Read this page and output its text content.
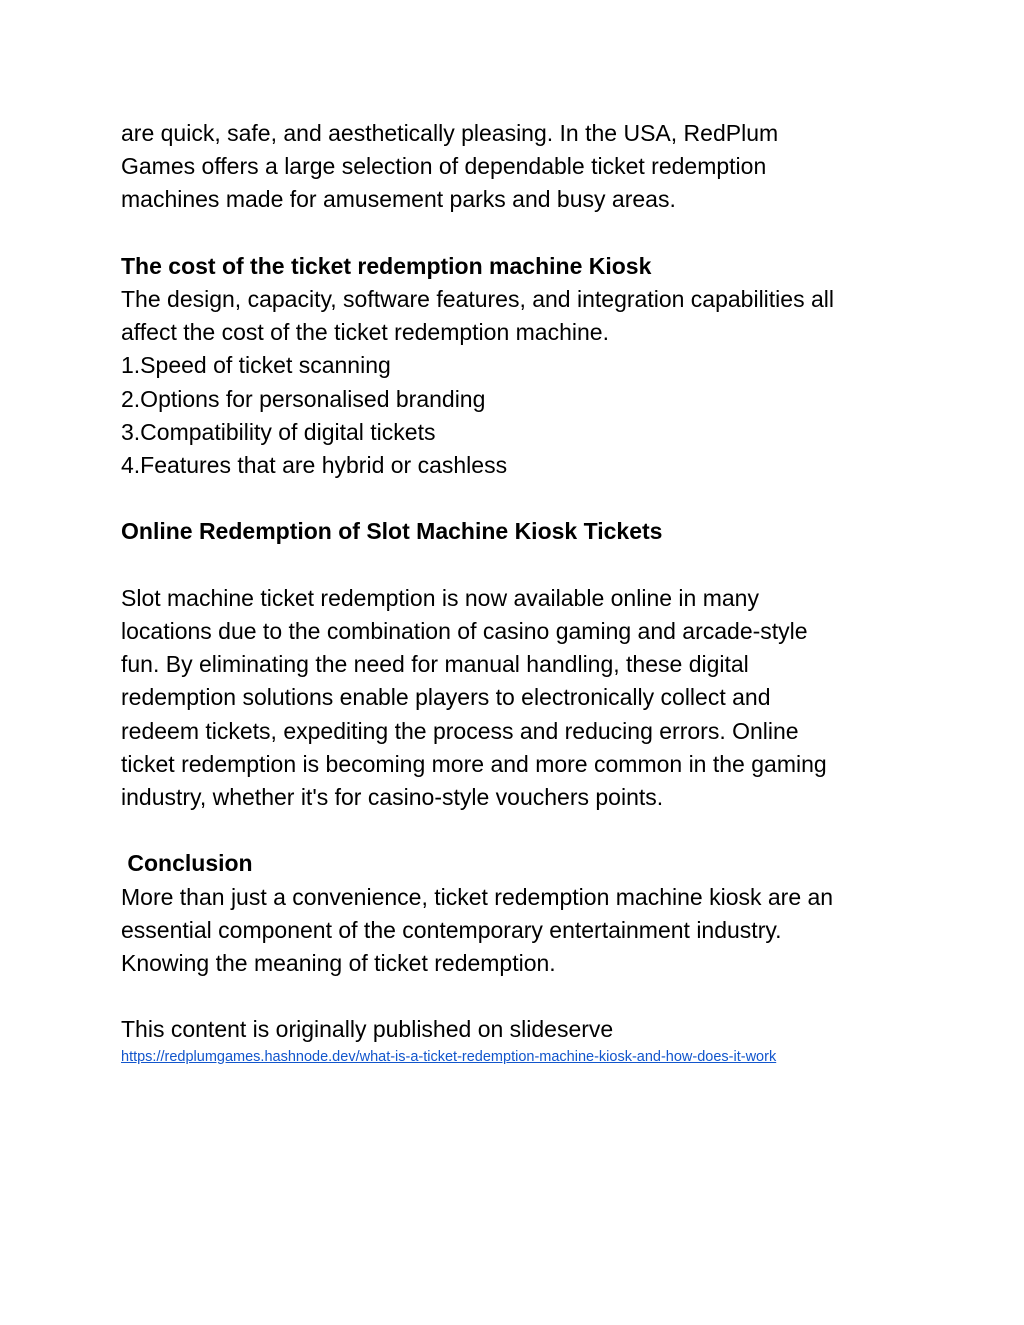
are quick, safe, and aesthetically pleasing. In the USA, RedPlum

Games offers a large selection of dependable ticket redemption

machines made for amusement parks and busy areas.

The cost of the ticket redemption machine Kiosk

The design, capacity, software features, and integration capabilities all

affect the cost of the ticket redemption machine.

1.Speed of ticket scanning

2.Options for personalised branding

3.Compatibility of digital tickets

4.Features that are hybrid or cashless

Online Redemption of Slot Machine Kiosk Tickets

Slot machine ticket redemption is now available online in many

locations due to the combination of casino gaming and arcade-style

fun. By eliminating the need for manual handling, these digital

redemption solutions enable players to electronically collect and

redeem tickets, expediting the process and reducing errors. Online

ticket redemption is becoming more and more common in the gaming

industry, whether it's for casino-style vouchers points.

Conclusion

More than just a convenience, ticket redemption machine kiosk are an

essential component of the contemporary entertainment industry.

Knowing the meaning of ticket redemption.

This content is originally published on slideserve

https://redplumgames.hashnode.dev/what-is-a-ticket-redemption-machine-kiosk-and-how-does-it-work
